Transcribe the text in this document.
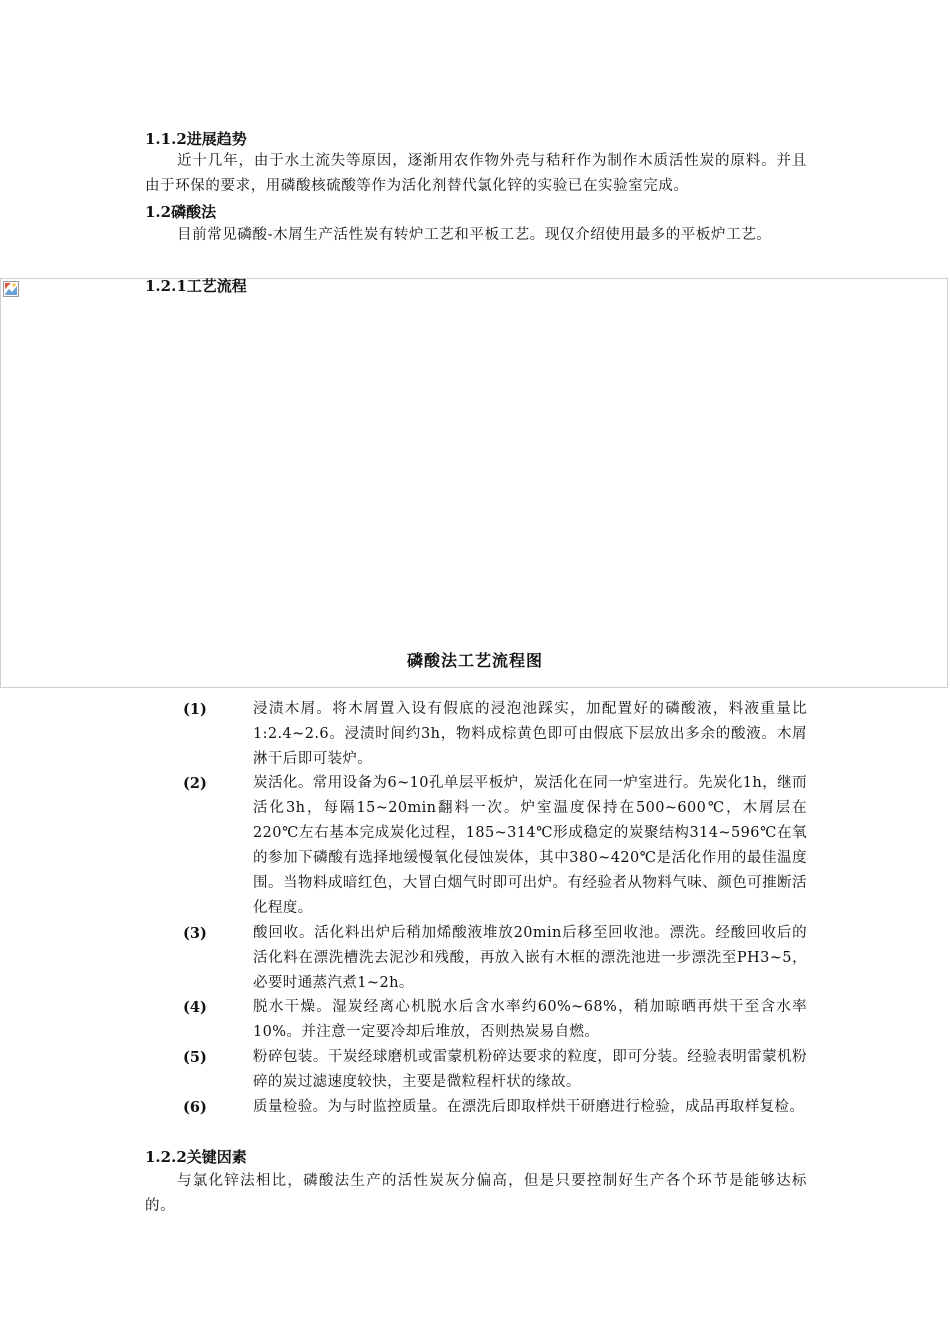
1.1.2进展趋势
近十几年，由于水土流失等原因，逐渐用农作物外壳与秸秆作为制作木质活性炭的原料。并且由于环保的要求，用磷酸核硫酸等作为活化剂替代氯化锌的实验已在实验室完成。
1.2磷酸法
目前常见磷酸-木屑生产活性炭有转炉工艺和平板工艺。现仅介绍使用最多的平板炉工艺。
1.2.1工艺流程
磷酸法工艺流程图
(1)	浸渍木屑。将木屑置入设有假底的浸泡池踩实，加配置好的磷酸液，料液重量比1:2.4~2.6。浸渍时间约3h，物料成棕黄色即可由假底下层放出多余的酸液。木屑淋干后即可装炉。
(2)	炭活化。常用设备为6~10孔单层平板炉，炭活化在同一炉室进行。先炭化1h，继而活化3h，每隔15~20min翻料一次。炉室温度保持在500~600℃，木屑层在220℃左右基本完成炭化过程，185~314℃形成稳定的炭聚结构314~596℃在氧的参加下磷酸有选择地缓慢氧化侵蚀炭体，其中380~420℃是活化作用的最佳温度围。当物料成暗红色，大冒白烟气时即可出炉。有经验者从物料气味、颜色可推断活化程度。
(3)	酸回收。活化料出炉后稍加烯酸液堆放20min后移至回收池。漂洗。经酸回收后的活化料在漂洗槽洗去泥沙和残酸，再放入嵌有木框的漂洗池进一步漂洗至PH3~5，必要时通蒸汽煮1~2h。
(4)	脱水干燥。湿炭经离心机脱水后含水率约60%~68%，稍加晾晒再烘干至含水率10%。并注意一定要冷却后堆放，否则热炭易自燃。
(5)	粉碎包装。干炭经球磨机或雷蒙机粉碎达要求的粒度，即可分装。经验表明雷蒙机粉碎的炭过滤速度较快，主要是微粒程杆状的缘故。
(6)	质量检验。为与时监控质量。在漂洗后即取样烘干研磨进行检验，成品再取样复检。
1.2.2关键因素
与氯化锌法相比，磷酸法生产的活性炭灰分偏高，但是只要控制好生产各个环节是能够达标的。
